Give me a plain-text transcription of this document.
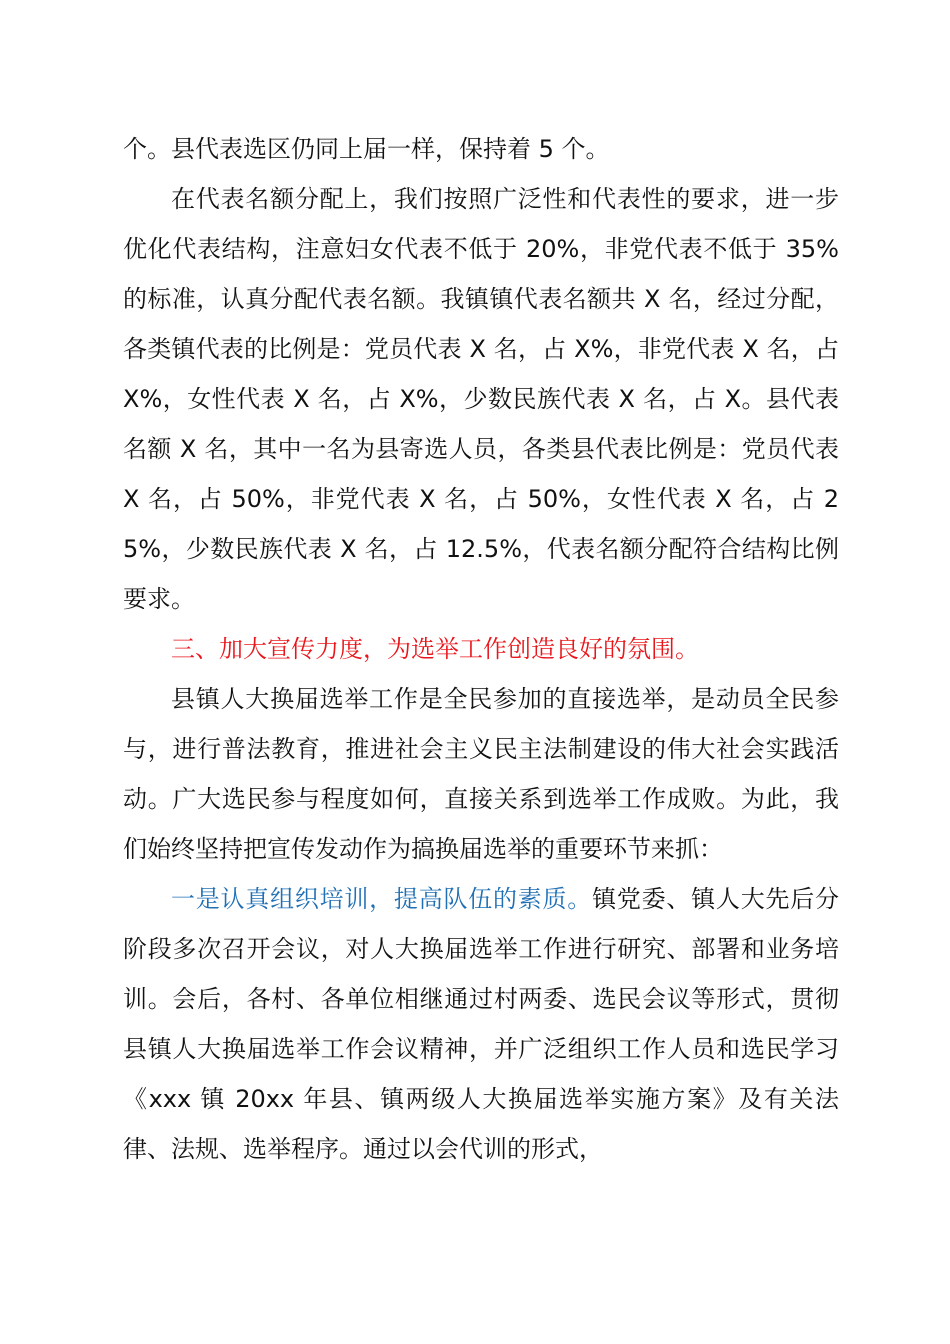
个。县代表选区仍同上届一样，保持着 5 个。

在代表名额分配上，我们按照广泛性和代表性的要求，进一步优化代表结构，注意妇女代表不低于 20%，非党代表不低于 35%的标准，认真分配代表名额。我镇镇代表名额共 X 名，经过分配，各类镇代表的比例是：党员代表 X 名，占 X%，非党代表 X 名，占 X%，女性代表 X 名，占 X%，少数民族代表 X 名，占 X。县代表名额 X 名，其中一名为县寄选人员，各类县代表比例是：党员代表 X 名，占 50%，非党代表 X 名，占 50%，女性代表 X 名，占 25%，少数民族代表 X 名，占 12.5%，代表名额分配符合结构比例要求。

三、加大宣传力度，为选举工作创造良好的氛围。

县镇人大换届选举工作是全民参加的直接选举，是动员全民参与，进行普法教育，推进社会主义民主法制建设的伟大社会实践活动。广大选民参与程度如何，直接关系到选举工作成败。为此，我们始终坚持把宣传发动作为搞换届选举的重要环节来抓：

一是认真组织培训，提高队伍的素质。镇党委、镇人大先后分阶段多次召开会议，对人大换届选举工作进行研究、部署和业务培训。会后，各村、各单位相继通过村两委、选民会议等形式，贯彻县镇人大换届选举工作会议精神，并广泛组织工作人员和选民学习《xxx 镇 20xx 年县、镇两级人大换届选举实施方案》及有关法律、法规、选举程序。通过以会代训的形式，
